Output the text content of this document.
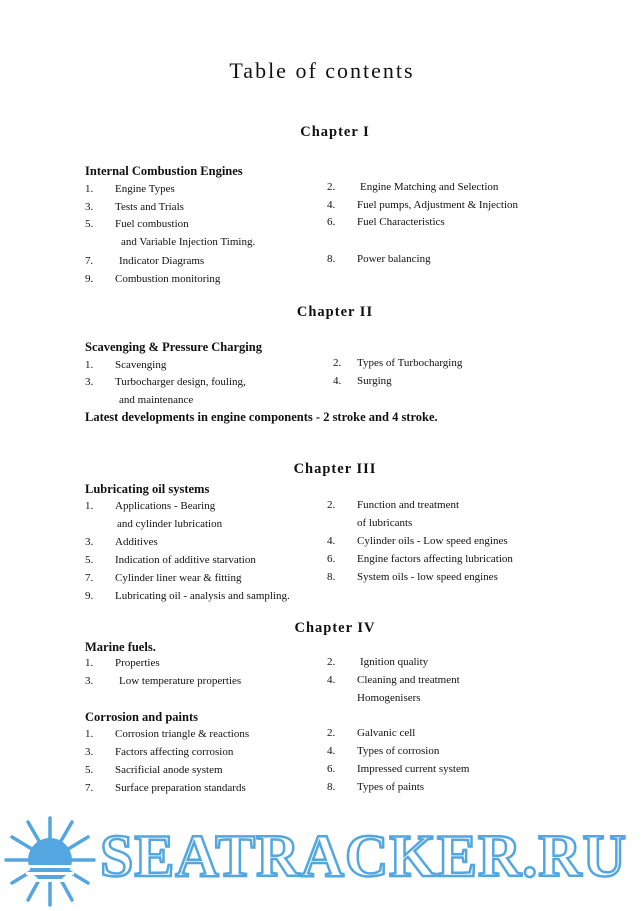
Table of contents
Chapter I
Internal Combustion Engines
1. Engine Types	2. Engine Matching and Selection
3. Tests and Trials	4. Fuel pumps, Adjustment & Injection
5. Fuel combustion
and Variable Injection Timing.
6. Fuel Characteristics
7. Indicator Diagrams	8. Power balancing
9. Combustion monitoring
Chapter II
Scavenging & Pressure Charging
1. Scavenging	2. Types of Turbocharging
3. Turbocharger design, fouling,
and maintenance
4. Surging
Latest developments in engine components - 2 stroke and 4 stroke.
Chapter III
Lubricating oil systems
1. Applications - Bearing
and cylinder lubrication
2. Function and treatment
of lubricants
3. Additives	4. Cylinder oils - Low speed engines
5. Indication of additive starvation	6. Engine factors affecting lubrication
7. Cylinder liner wear & fitting	8. System oils - low speed engines
9. Lubricating oil - analysis and sampling.
Chapter IV
Marine fuels.
1. Properties	2. Ignition quality
3. Low temperature properties	4. Cleaning and treatment
Homogenisers
Corrosion and paints
1. Corrosion triangle & reactions	2. Galvanic cell
3. Factors affecting corrosion	4. Types of corrosion
5. Sacrificial anode system	6. Impressed current system
7. Surface preparation standards	8. Types of paints
SEATRACKER.RU
